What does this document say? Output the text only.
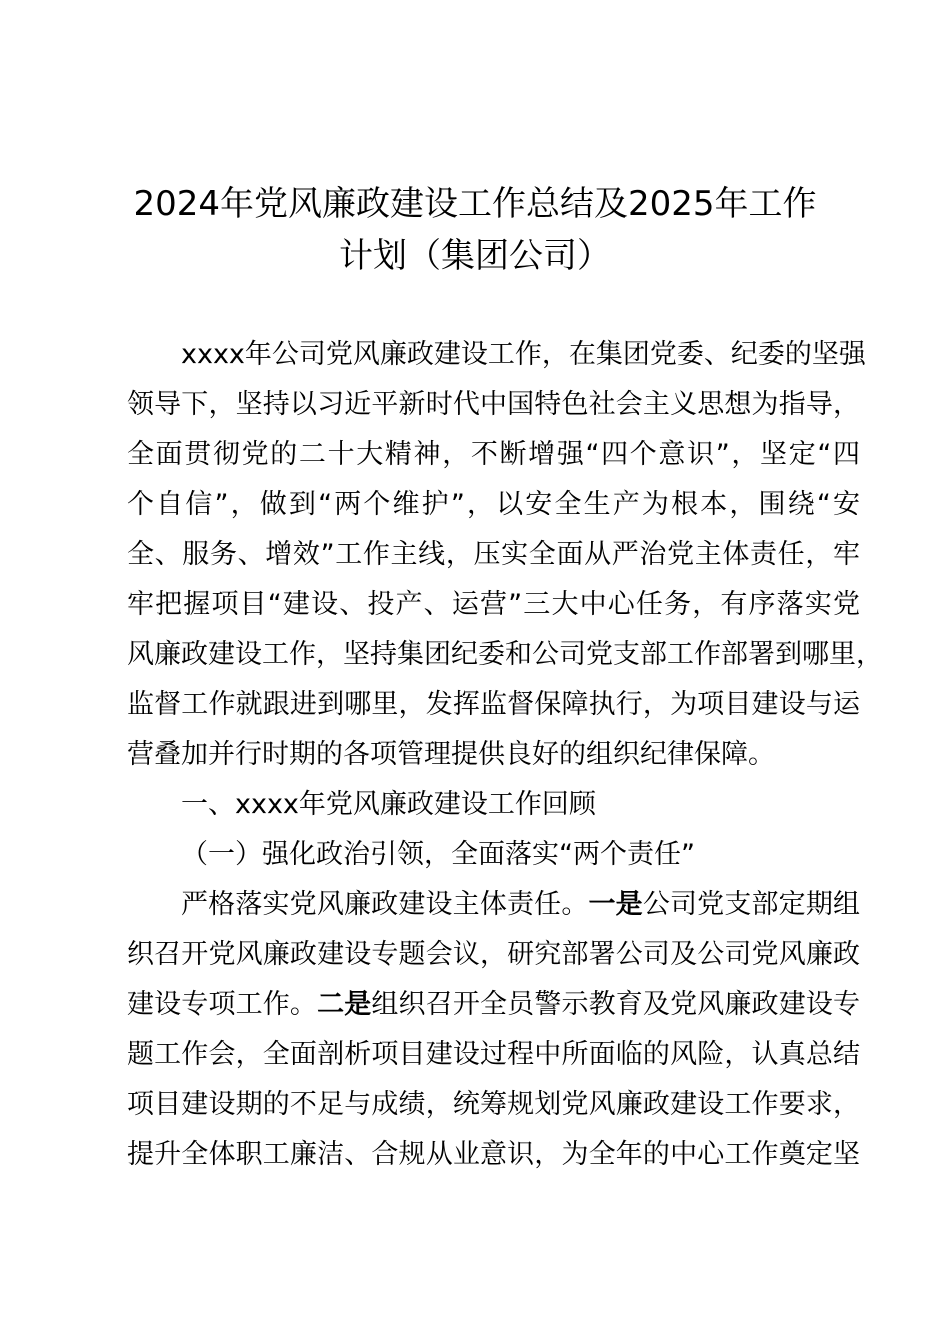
2024年党风廉政建设工作总结及2025年工作
计划（集团公司）
xxxx年公司党风廉政建设工作，在集团党委、纪委的坚强
领导下，坚持以习近平新时代中国特色社会主义思想为指导，
全面贯彻党的二十大精神，不断增强“四个意识”，坚定“四
个自信”，做到“两个维护”，以安全生产为根本，围绕“安
全、服务、增效”工作主线，压实全面从严治党主体责任，牢
牢把握项目“建设、投产、运营”三大中心任务，有序落实党
风廉政建设工作，坚持集团纪委和公司党支部工作部署到哪里，
监督工作就跟进到哪里，发挥监督保障执行，为项目建设与运
营叠加并行时期的各项管理提供良好的组织纪律保障。
一、xxxx年党风廉政建设工作回顾
（一）强化政治引领，全面落实“两个责任”
严格落实党风廉政建设主体责任。一是公司党支部定期组
织召开党风廉政建设专题会议，研究部署公司及公司党风廉政
建设专项工作。二是组织召开全员警示教育及党风廉政建设专
题工作会，全面剖析项目建设过程中所面临的风险，认真总结
项目建设期的不足与成绩，统筹规划党风廉政建设工作要求，
提升全体职工廉洁、合规从业意识，为全年的中心工作奠定坚
